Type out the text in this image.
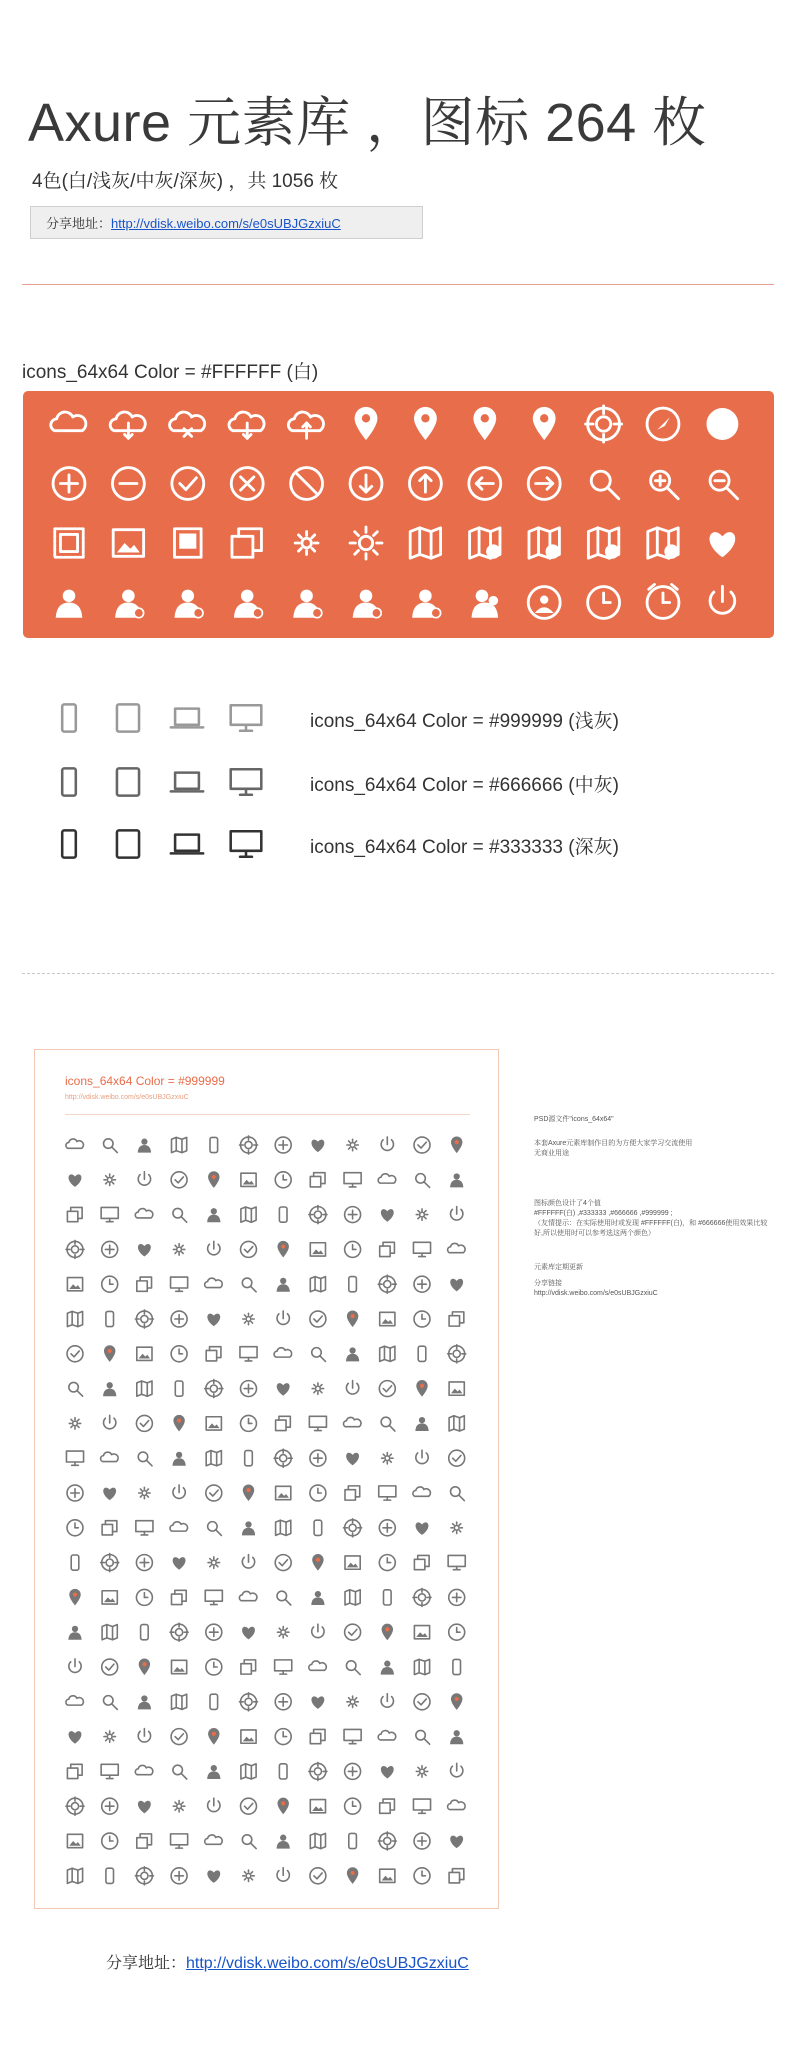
Axure 元素库 ，图标 264 枚
4色(白/浅灰/中灰/深灰) ，共 1056 枚
分享地址：http://vdisk.weibo.com/s/e0sUBJGzxiuC
icons_64x64 Color = #FFFFFF (白)
icons_64x64 Color = #999999 (浅灰)
icons_64x64 Color = #666666 (中灰)
icons_64x64 Color = #333333 (深灰)
icons_64x64 Color = #999999
http://vdisk.weibo.com/s/e0sUBJGzxiuC

PSD源文件"icons_64x64"

本套Axure元素库制作目的为方便大家学习交流使用

无商业用途

图标颜色设计了4个值

#FFFFFF(白) ,#333333 ,#666666 ,#999999 ;

（友情提示：在实际使用时或发现 #FFFFFF(白)，和 #666666使用效果比较

好,所以使用时可以参考选这两个颜色）

元素库定期更新

分享链接

http://vdisk.weibo.com/s/e0sUBJGzxiuC

分享地址：http://vdisk.weibo.com/s/e0sUBJGzxiuC
